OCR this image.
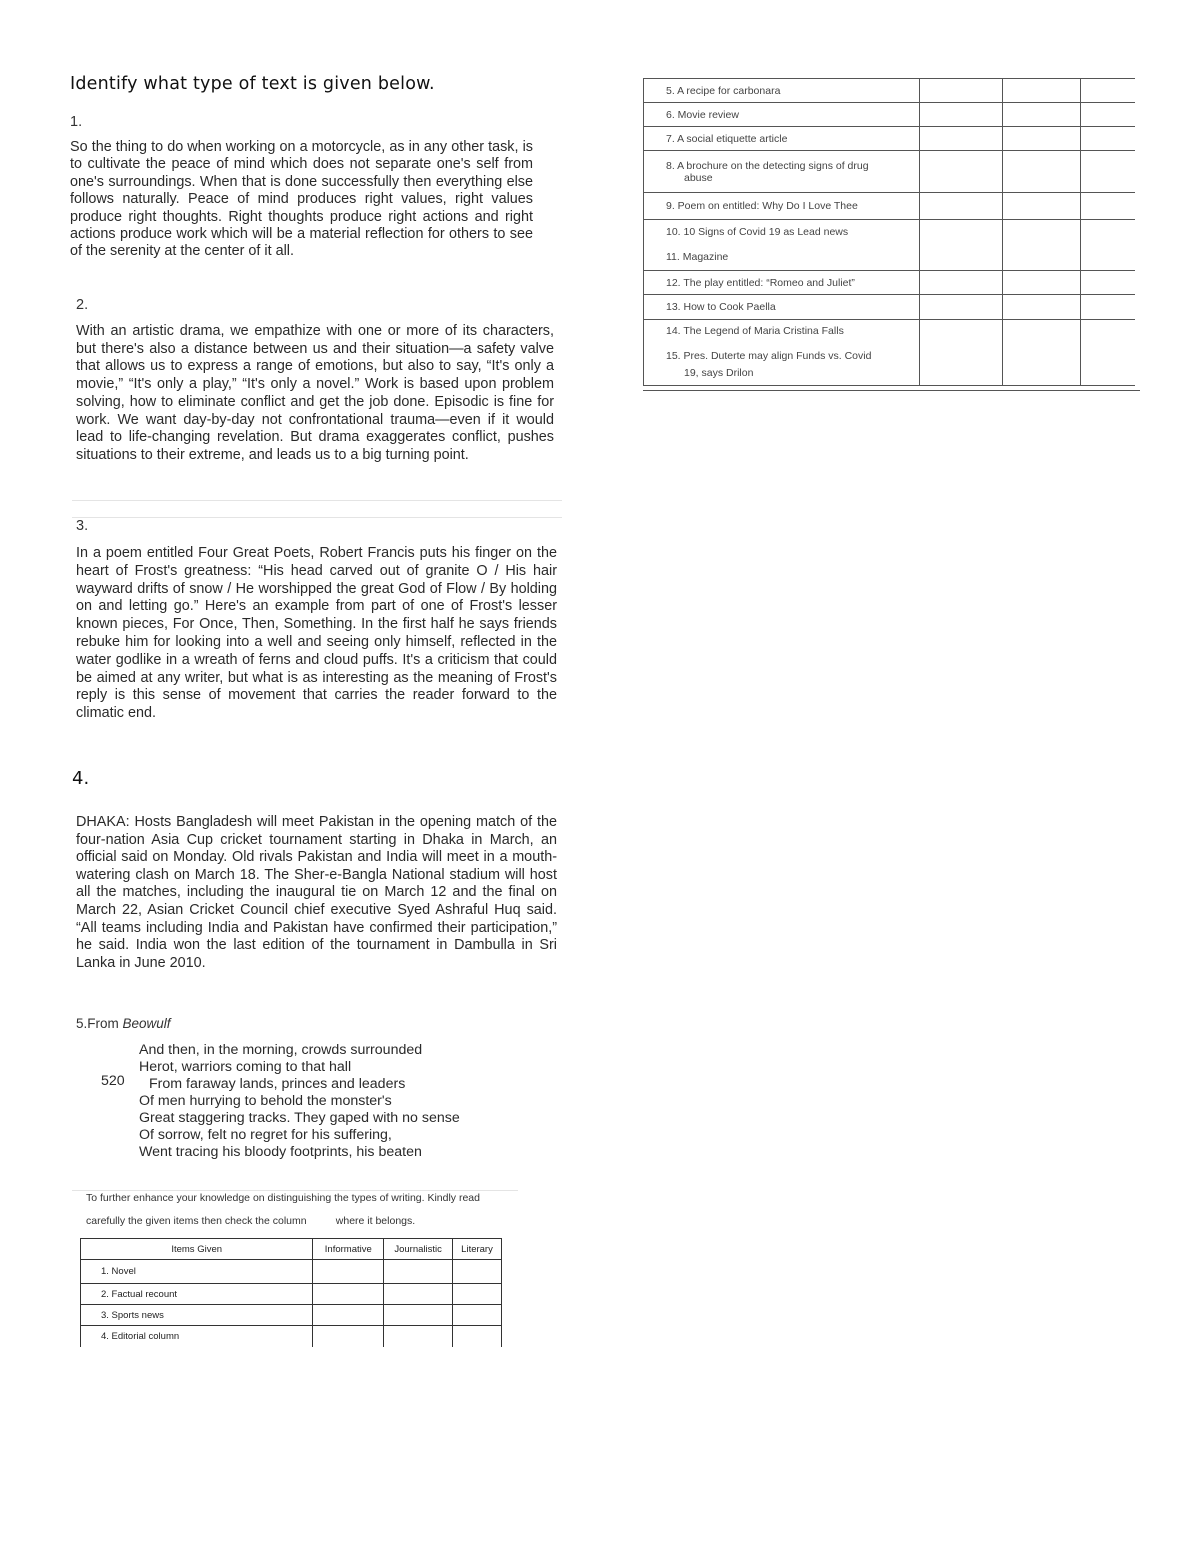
Identify what type of text is given below.
1.

So the thing to do when working on a motorcycle, as in any other task, is to cultivate the peace of mind which does not separate one's self from one's surroundings. When that is done successfully then everything else follows naturally. Peace of mind produces right values, right values produce right thoughts. Right thoughts produce right actions and right actions produce work which will be a material reflection for others to see of the serenity at the center of it all.

2.

With an artistic drama, we empathize with one or more of its characters, but there's also a distance between us and their situation—a safety valve that allows us to express a range of emotions, but also to say, “It's only a movie,” “It's only a play,” “It's only a novel.” Work is based upon problem solving, how to eliminate conflict and get the job done. Episodic is fine for work. We want day-by-day not confrontational trauma—even if it would lead to life-changing revelation. But drama exaggerates conflict, pushes situations to their extreme, and leads us to a big turning point.

3.

In a poem entitled Four Great Poets, Robert Francis puts his finger on the heart of Frost's greatness: “His head carved out of granite O / His hair wayward drifts of snow / He worshipped the great God of Flow / By holding on and letting go.” Here's an example from part of one of Frost's lesser known pieces, For Once, Then, Something. In the first half he says friends rebuke him for looking into a well and seeing only himself, reflected in the water godlike in a wreath of ferns and cloud puffs. It's a criticism that could be aimed at any writer, but what is as interesting as the meaning of Frost's reply is this sense of movement that carries the reader forward to the climatic end.

4.

DHAKA: Hosts Bangladesh will meet Pakistan in the opening match of the four-nation Asia Cup cricket tournament starting in Dhaka in March, an official said on Monday. Old rivals Pakistan and India will meet in a mouth-watering clash on March 18. The Sher-e-Bangla National stadium will host all the matches, including the inaugural tie on March 12 and the final on March 22, Asian Cricket Council chief executive Syed Ashraful Huq said. “All teams including India and Pakistan have confirmed their participation,” he said. India won the last edition of the tournament in Dambulla in Sri Lanka in June 2010.

5.From Beowulf
And then, in the morning, crowds surrounded
Herot, warriors coming to that hall
From faraway lands, princes and leaders
Of men hurrying to behold the monster's
Great staggering tracks. They gaped with no sense
Of sorrow, felt no regret for his suffering,
Went tracing his bloody footprints, his beaten
520
To further enhance your knowledge on distinguishing the types of writing. Kindly read
carefully the given items then check the column          where it belongs.
Items Given	Informative	Journalistic	Literary
1. Novel			
2. Factual recount			
3. Sports news			
4. Editorial column			
5. A recipe for carbonara			
6. Movie review			
7. A social etiquette article			
8. A brochure on the detecting signs of drug
abuse			

9. Poem on entitled: Why Do I Love Thee			

10. 10 Signs of Covid 19 as Lead news
11. Magazine			

12. The play entitled: “Romeo and Juliet”			
13. How to Cook Paella			

14. The Legend of Maria Cristina Falls
15. Pres. Duterte may align Funds vs. Covid
19, says Drilon			
